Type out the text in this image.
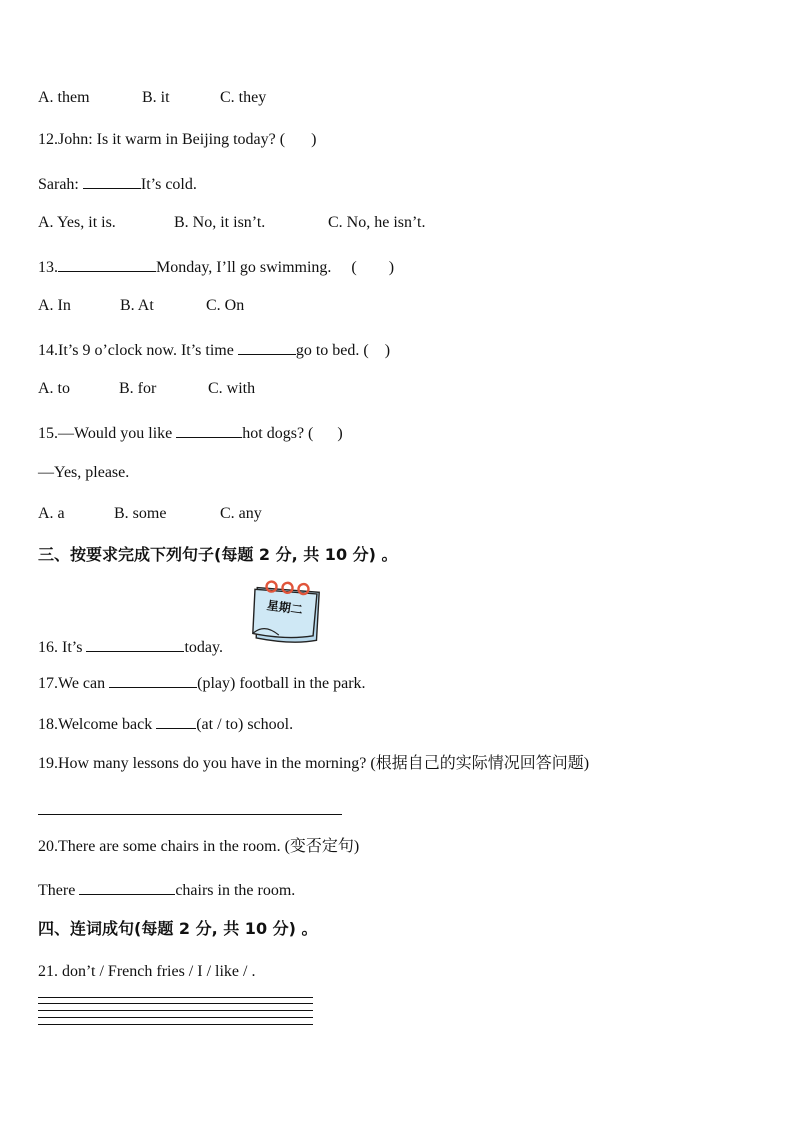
A. them	B. it	C. they
12.John: Is it warm in Beijing today? ( )
Sarah:	It’s cold.
A. Yes, it is.	B. No, it isn’t.	C. No, he isn’t.
13.	Monday, I’ll go swimming. (　　)
A. In	B. At	C. On
14.It’s 9 o’clock now. It’s time	go to bed. ( )
A. to	B. for	C. with
15.—Would you like	hot dogs? ( )
—Yes, please.
A. a	B. some	C. any
三、按要求完成下列句子(每题 2 分, 共 10 分) 。
星期二
16. It’s	today.
17.We can	(play) football in the park.
18.Welcome back	(at / to) school.
19.How many lessons do you have in the morning? (根据自己的实际情况回答问题)
20.There are some chairs in the room. (变否定句)
There	chairs in the room.
四、连词成句(每题 2 分, 共 10 分) 。
21. don’t / French fries / I / like / .
